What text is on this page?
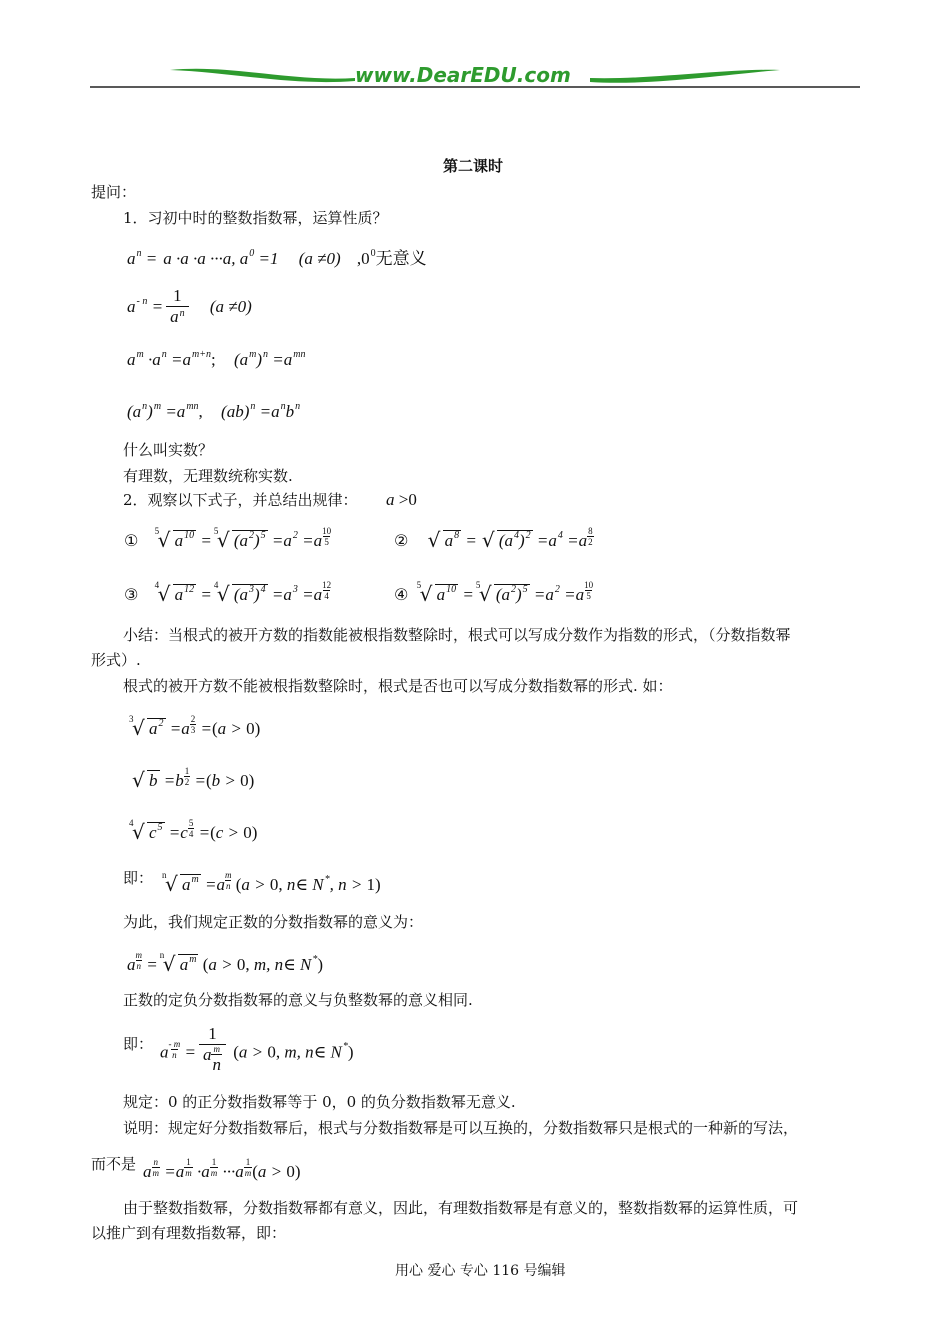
www.DearEDU.com
第二课时
提问：
1．习初中时的整数指数幂，运算性质？
$a^n = a \cdot a \cdot a \cdot\cdot\cdot a$, $a^0 =1$ (a ≠0) $,0^0$无意义
$a^{- n} = \frac{1}{a^n} (a \ne 0)$
$a^m \cdot a^n =a^{m+n}$; $(a^m)^n =a^{mn}$
$(a^n)^m =a^{mn}$, $(ab)^n =a^nb^n$
什么叫实数？
有理数，无理数统称实数.
2．观察以下式子，并总结出规律： a >0
① 5
√ $a^{10} = 5$
√ $(a^2)^5 =a^2 =a \frac{10}{5}$	② √ $a^8$ = √ $(a^4)^2 =a^4 =a \frac{8}{2}$
③ 4
√ $a^{12} = 4$
√ $(a^3)^4 =a^3 =a \frac{12}{4}$	④ 5
√ $a^{10} = 5$
√ $(a^2)^5 =a^2 =a \frac{10}{5}$
小结：当根式的被开方数的指数能被根指数整除时，根式可以写成分数作为指数的形式，（分数指数幂
形式）.
根式的被开方数不能被根指数整除时，根式是否也可以写成分数指数幂的形式. 如：
3
√ $a^2 =a \frac{2}{3} =(a > 0)$
√ $b =b \frac{1}{2} =(b > 0)$
4
√ $c^5 =c \frac{5}{4} =(c > 0)$
即： n
√ $a^m =a \frac{m}{n} (a > 0$, n∈ N*, n > 1)
为此，我们规定正数的分数指数幂的意义为：
a $\frac{m}{n} = n$
√ $a^m$ (a > 0, m, n∈ N*)
正数的定负分数指数幂的意义与负整数幂的意义相同.
即： a $\frac{- m}{n} = 1$
a m
n (a > 0, m, n∈ N*)
规定：0 的正分数指数幂等于 0，0 的负分数指数幂无意义.
说明：规定好分数指数幂后，根式与分数指数幂是可以互换的，分数指数幂只是根式的一种新的写法，
而不是 a $\frac{n}{m} =a \frac{1}{m} \cdot a \frac{1}{m} \cdot\cdot\cdot a \frac{1}{m} (a > 0)$
由于整数指数幂，分数指数幂都有意义，因此，有理数指数幂是有意义的，整数指数幂的运算性质，可
以推广到有理数指数幂，即：
用心 爱心 专心 116 号编辑
